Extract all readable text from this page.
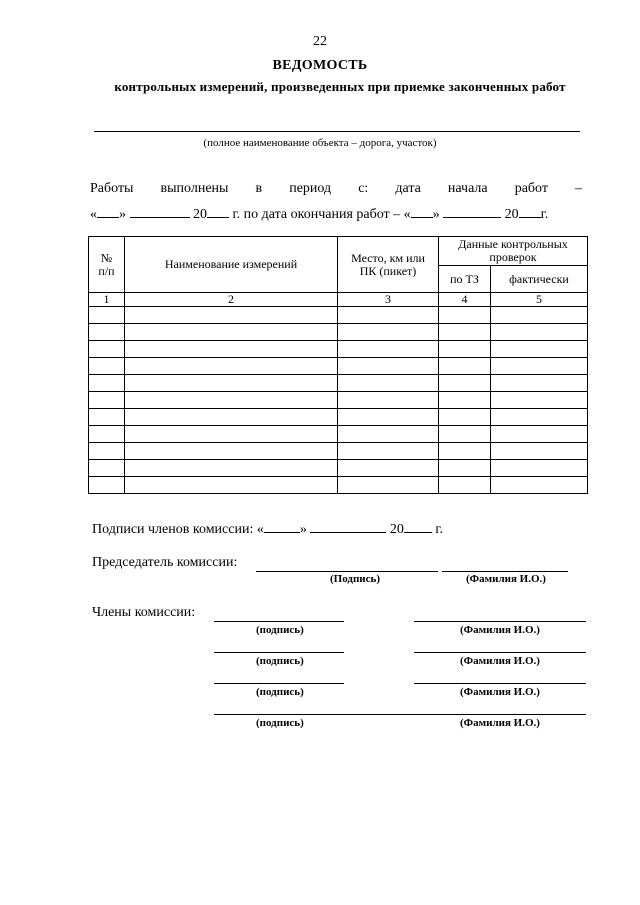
22
ВЕДОМОСТЬ
контрольных измерений, произведенных при приемке законченных работ
(полное наименование объекта – дорога, участок)
Работы выполнены в период с: дата начала работ –
« »	20 г. по дата окончания работ – « »	20 г.
№ п/п	Наименование измерений	Место, км или ПК (пикет)	Данные контрольных проверок	
			по ТЗ	фактически
1	2	3	4	5

Подписи членов комиссии: «	»	20 г.
Председатель комиссии:
(Подпись)	(Фамилия И.О.)
Члены комиссии:
(подпись)	(Фамилия И.О.)
(подпись)	(Фамилия И.О.)
(подпись)	(Фамилия И.О.)
(подпись)	(Фамилия И.О.)
